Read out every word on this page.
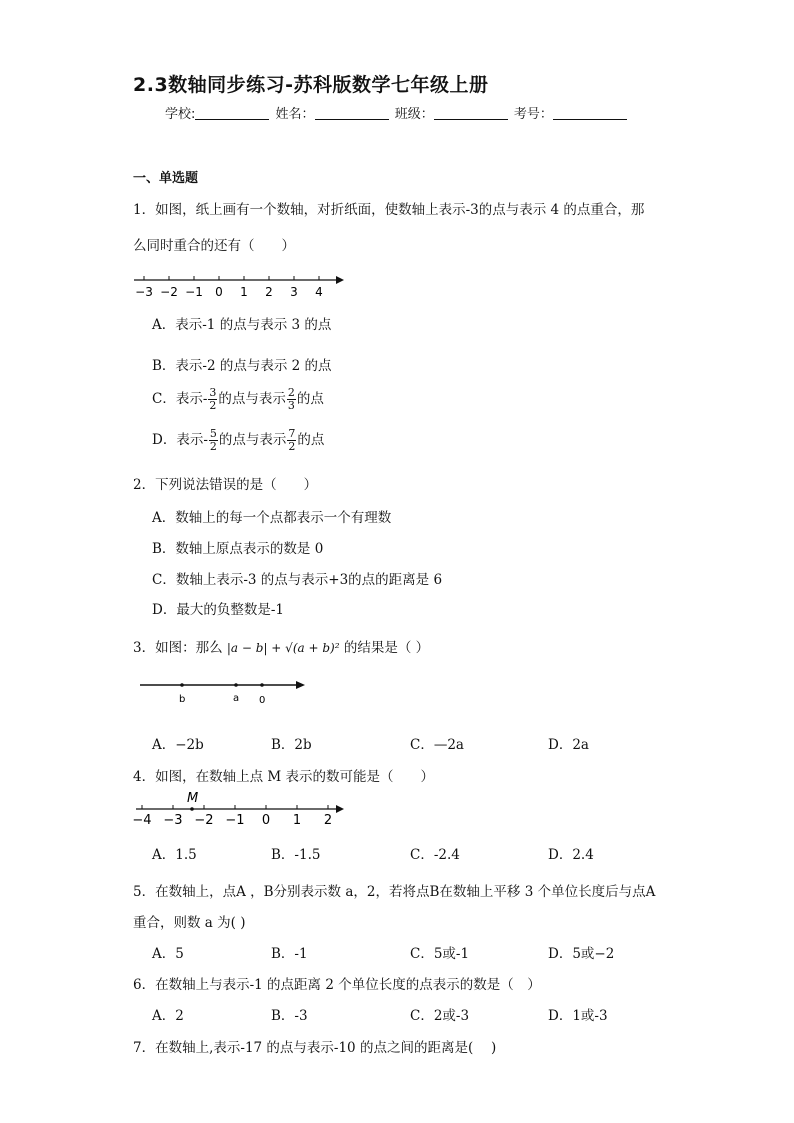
2.3数轴同步练习-苏科版数学七年级上册
学校:	姓名：	班级：	考号：
一、单选题
1．如图，纸上画有一个数轴，对折纸面，使数轴上表示-3的点与表示 4 的点重合，那
么同时重合的还有（　　）
−3 −2 −1 0 1 2 3 4
A．表示-1 的点与表示 3 的点
B．表示-2 的点与表示 2 的点
C．表示- $\frac{3}{2}$ 的点与表示 $\frac{2}{3}$ 的点
D．表示- $\frac{5}{2}$ 的点与表示 $\frac{7}{2}$ 的点
2．下列说法错误的是（　　）
A．数轴上的每一个点都表示一个有理数
B．数轴上原点表示的数是 0
C．数轴上表示-3 的点与表示+3的点的距离是 6
D．最大的负整数是-1
3．如图：那么 |a − b| + √(a + b)² 的结果是（ ）
b	a 0
A．−2b	B．2b	C．—2a	D．2a
4．如图，在数轴上点 M 表示的数可能是（　　）
M
−4 −3 −2 −1 0 1 2
A．1.5	B．-1.5	C．-2.4	D．2.4
5．在数轴上，点A ，B分别表示数 a，2，若将点B在数轴上平移 3 个单位长度后与点A
重合，则数 a 为( )
A．5	B．-1	C．5或-1	D．5或−2
6．在数轴上与表示-1 的点距离 2 个单位长度的点表示的数是（　）
A．2	B．-3	C．2或-3	D．1或-3
7．在数轴上,表示-17 的点与表示-10 的点之间的距离是(　 )
